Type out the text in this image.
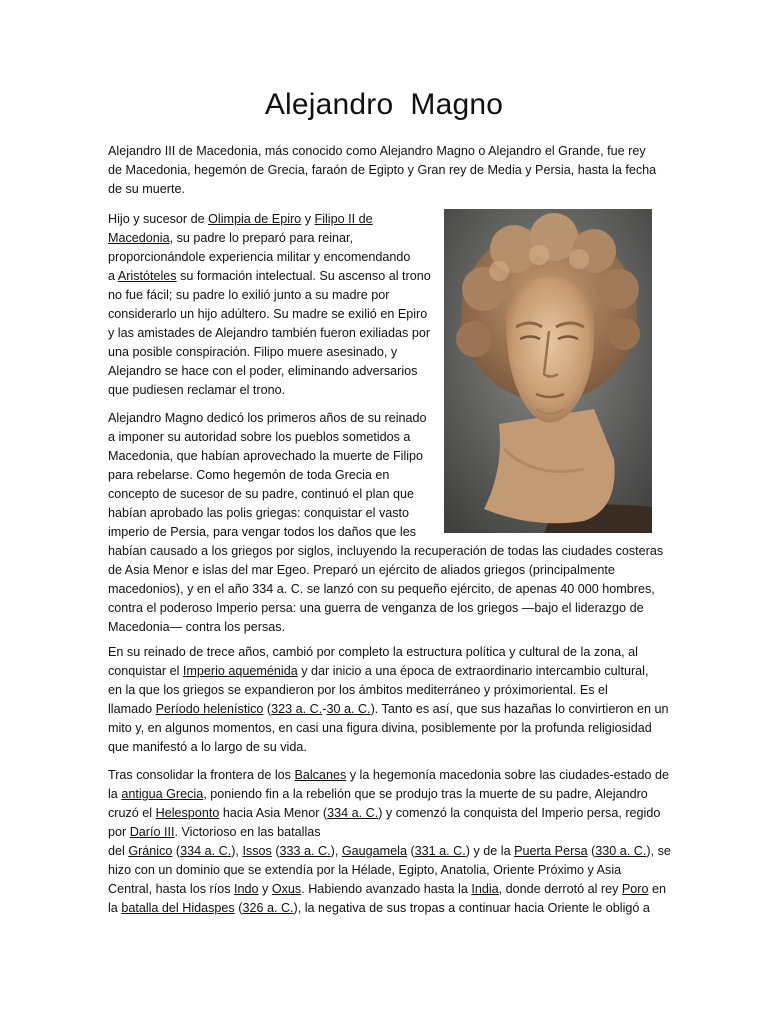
Alejandro  Magno

Alejandro III de Macedonia, más conocido como Alejandro Magno o Alejandro el Grande, fue rey
de Macedonia, hegemón de Grecia, faraón de Egipto y Gran rey de Media y Persia, hasta la fecha
de su muerte.

Hijo y sucesor de Olimpia de Epiro y Filipo II de
Macedonia, su padre lo preparó para reinar,
proporcionándole experiencia militar y encomendando
a Aristóteles su formación intelectual. Su ascenso al trono
no fue fácil; su padre lo exilió junto a su madre por
considerarlo un hijo adúltero. Su madre se exilió en Epiro
y las amistades de Alejandro también fueron exiliadas por
una posible conspiración. Filipo muere asesinado, y
Alejandro se hace con el poder, eliminando adversarios
que pudiesen reclamar el trono.

Alejandro Magno dedicó los primeros años de su reinado
a imponer su autoridad sobre los pueblos sometidos a
Macedonia, que habían aprovechado la muerte de Filipo
para rebelarse. Como hegemón de toda Grecia en
concepto de sucesor de su padre, continuó el plan que
habían aprobado las polis griegas: conquistar el vasto
imperio de Persia, para vengar todos los daños que les
habían causado a los griegos por siglos, incluyendo la recuperación de todas las ciudades costeras
de Asia Menor e islas del mar Egeo. Preparó un ejército de aliados griegos (principalmente
macedonios), y en el año 334 a. C. se lanzó con su pequeño ejército, de apenas 40 000 hombres,
contra el poderoso Imperio persa: una guerra de venganza de los griegos —bajo el liderazgo de
Macedonia— contra los persas.

En su reinado de trece años, cambió por completo la estructura política y cultural de la zona, al
conquistar el Imperio aqueménida y dar inicio a una época de extraordinario intercambio cultural,
en la que los griegos se expandieron por los ámbitos mediterráneo y próximoriental. Es el
llamado Período helenístico (323 a. C.-30 a. C.). Tanto es así, que sus hazañas lo convirtieron en un
mito y, en algunos momentos, en casi una figura divina, posiblemente por la profunda religiosidad
que manifestó a lo largo de su vida.

Tras consolidar la frontera de los Balcanes y la hegemonía macedonia sobre las ciudades-estado de
la antigua Grecia, poniendo fin a la rebelión que se produjo tras la muerte de su padre, Alejandro
cruzó el Helesponto hacia Asia Menor (334 a. C.) y comenzó la conquista del Imperio persa, regido
por Darío III. Victorioso en las batallas
del Gránico (334 a. C.), Issos (333 a. C.), Gaugamela (331 a. C.) y de la Puerta Persa (330 a. C.), se
hizo con un dominio que se extendía por la Hélade, Egipto, Anatolia, Oriente Próximo y Asia
Central, hasta los ríos Indo y Oxus. Habiendo avanzado hasta la India, donde derrotó al rey Poro en
la batalla del Hidaspes (326 a. C.), la negativa de sus tropas a continuar hacia Oriente le obligó a
